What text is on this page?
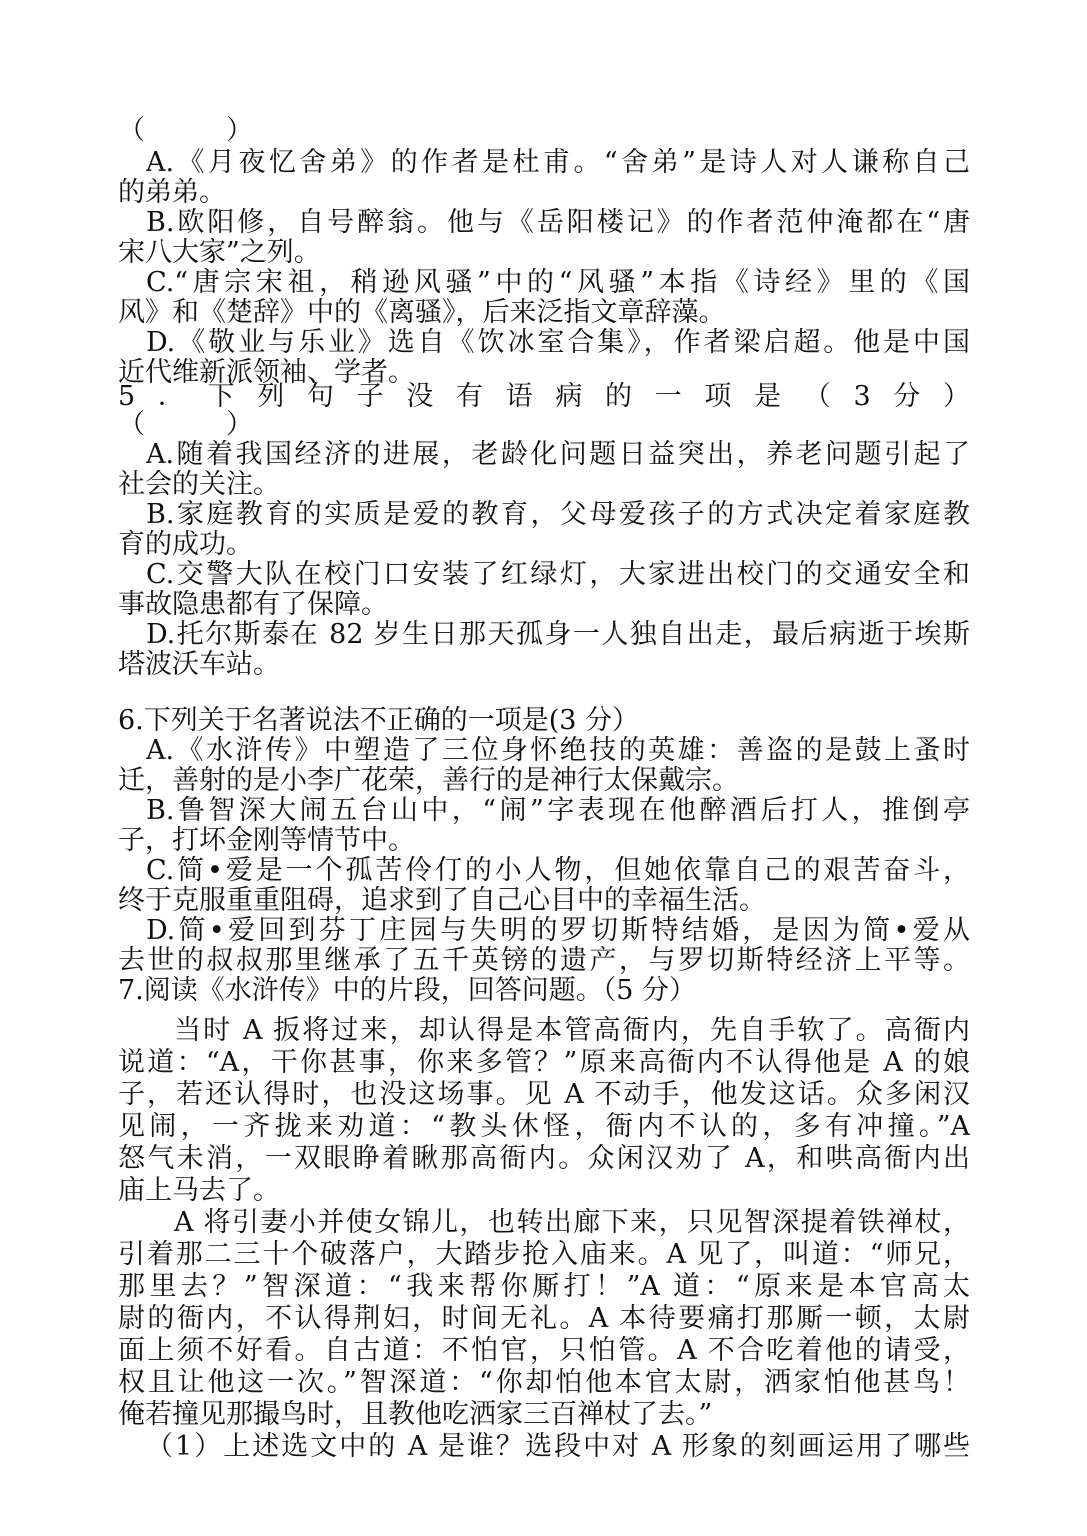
（　　　）
A.《月夜忆舍弟》的作者是杜甫。“舍弟”是诗人对人谦称自己
的弟弟。
B.欧阳修，自号醉翁。他与《岳阳楼记》的作者范仲淹都在“唐
宋八大家”之列。
C.“唐宗宋祖，稍逊风骚”中的“风骚”本指《诗经》里的《国
风》和《楚辞》中的《离骚》，后来泛指文章辞藻。
D.《敬业与乐业》选自《饮冰室合集》，作者梁启超。他是中国
近代维新派领袖、学者。
5．下列句子没有语病的一项是（3分）
（　　　）
A.随着我国经济的进展，老龄化问题日益突出，养老问题引起了
社会的关注。
B.家庭教育的实质是爱的教育，父母爱孩子的方式决定着家庭教
育的成功。
C.交警大队在校门口安装了红绿灯，大家进出校门的交通安全和
事故隐患都有了保障。
D.托尔斯泰在 82 岁生日那天孤身一人独自出走，最后病逝于埃斯
塔波沃车站。
6.下列关于名著说法不正确的一项是(3 分）
A.《水浒传》中塑造了三位身怀绝技的英雄：善盗的是鼓上蚤时
迁，善射的是小李广花荣，善行的是神行太保戴宗。
B.鲁智深大闹五台山中，“闹”字表现在他醉酒后打人，推倒亭
子，打坏金刚等情节中。
C.简•爱是一个孤苦伶仃的小人物，但她依靠自己的艰苦奋斗，
终于克服重重阻碍，追求到了自己心目中的幸福生活。
D.简•爱回到芬丁庄园与失明的罗切斯特结婚，是因为简•爱从
去世的叔叔那里继承了五千英镑的遗产，与罗切斯特经济上平等。
7.阅读《水浒传》中的片段，回答问题。（5 分）
当时 A 扳将过来，却认得是本管高衙内，先自手软了。高衙内
说道：“A，干你甚事，你来多管？”原来高衙内不认得他是 A 的娘
子，若还认得时，也没这场事。见 A 不动手，他发这话。众多闲汉
见闹，一齐拢来劝道：“教头休怪，衙内不认的，多有冲撞。”A
怒气未消，一双眼睁着瞅那高衙内。众闲汉劝了 A，和哄高衙内出
庙上马去了。
A 将引妻小并使女锦儿，也转出廊下来，只见智深提着铁禅杖，
引着那二三十个破落户，大踏步抢入庙来。A 见了，叫道：“师兄，
那里去？”智深道：“我来帮你厮打！”A 道：“原来是本官高太
尉的衙内，不认得荆妇，时间无礼。A 本待要痛打那厮一顿，太尉
面上须不好看。自古道：不怕官，只怕管。A 不合吃着他的请受，
权且让他这一次。”智深道：“你却怕他本官太尉，洒家怕他甚鸟！
俺若撞见那撮鸟时，且教他吃洒家三百禅杖了去。”
（1）上述选文中的 A 是谁？选段中对 A 形象的刻画运用了哪些
